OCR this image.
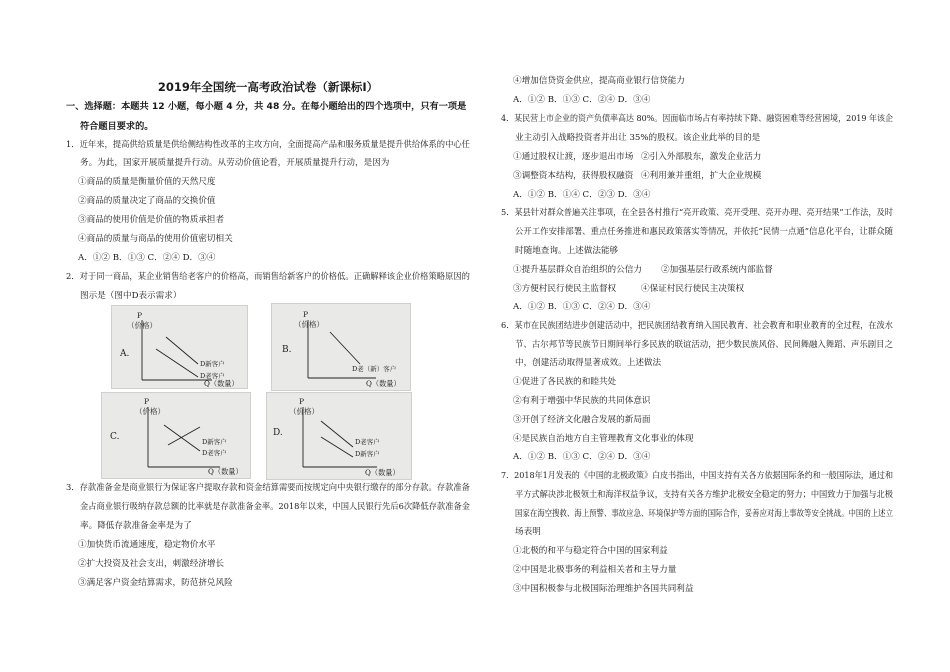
2019年全国统一高考政治试卷（新课标Ⅰ）
一、选择题：本题共 12 小题，每小题 4 分，共 48 分。在每小题给出的四个选项中，只有一项是
符合题目要求的。
1．近年来，提高供给质量是供给侧结构性改革的主攻方向，全面提高产品和服务质量是提升供给体系的中心任
务。为此，国家开展质量提升行动。从劳动价值论看，开展质量提升行动，是因为
①商品的质量是衡量价值的天然尺度
②商品的质量决定了商品的交换价值
③商品的使用价值是价值的物质承担者
④商品的质量与商品的使用价值密切相关
A．①② B．①③ C．②④ D．③④
2．对于同一商品，某企业销售给老客户的价格高，而销售给新客户的价格低。正确解释该企业价格策略原因的
图示是（图中D表示需求）
3．存款准备金是商业银行为保证客户提取存款和资金结算需要而按规定向中央银行缴存的部分存款。存款准备
金占商业银行吸纳存款总额的比率就是存款准备金率。2018年以来，中国人民银行先后6次降低存款准备金
率。降低存款准备金率是为了
①加快货币流通速度，稳定物价水平
②扩大投资及社会支出，刺激经济增长
③满足客户资金结算需求，防范挤兑风险
P
（价格）
A.
D新客户
D老客户
Q（数量）
P
（价格）
B.
D老（新）客户
Q（数量）
P
（价格）
C.	D新客户
D老客户
Q（数量）
P
（价格）
D.
D老客户
D新客户
Q（数量）
④增加信贷资金供应，提高商业银行信贷能力
A．①② B．①③ C．②④ D．③④
4．某民营上市企业的资产负债率高达 80%。因面临市场占有率持续下降、融资困难等经营困境，2019 年该企
业主动引入战略投资者并出让 35%的股权。该企业此举的目的是
①通过股权让渡，逐步退出市场 ②引入外部股东，激发企业活力
③调整资本结构，获得股权融资 ④利用兼并重组，扩大企业规模
A．①② B．①④ C．②③ D．③④
5．某县针对群众普遍关注事项，在全县各村推行“亮开政策、亮开受理、亮开办理、亮开结果”工作法，及时
公开工作安排部署、重点任务推进和惠民政策落实等情况，并依托“民情一点通”信息化平台，让群众随
时随地查询。上述做法能够
①提升基层群众自治组织的公信力 ②加强基层行政系统内部监督
③方便村民行使民主监督权	④保证村民行使民主决策权
A．①② B．①③ C．②④ D．③④
6．某市在民族团结进步创建活动中，把民族团结教育纳入国民教育、社会教育和职业教育的全过程，在泼水
节、古尔邦节等民族节日期间举行多民族的联谊活动，把少数民族风俗、民间舞融入舞蹈、声乐剧目之
中，创建活动取得显著成效。上述做法
①促进了各民族的和睦共处
②有利于增强中华民族的共同体意识
③开创了经济文化融合发展的新局面
④是民族自治地方自主管理教育文化事业的体现
A．①② B．①③ C．②④ D．③④
7．2018年1月发表的《中国的北极政策》白皮书指出，中国支持有关各方依据国际条约和一般国际法，通过和
平方式解决涉北极领土和海洋权益争议，支持有关各方维护北极安全稳定的努力；中国致力于加强与北极
国家在海空搜救、海上预警、事故应急、环境保护等方面的国际合作，妥善应对海上事故等安全挑战。中国的上述立
场表明
①北极的和平与稳定符合中国的国家利益
②中国是北极事务的利益相关者和主导力量
③中国积极参与北极国际治理维护各国共同利益
